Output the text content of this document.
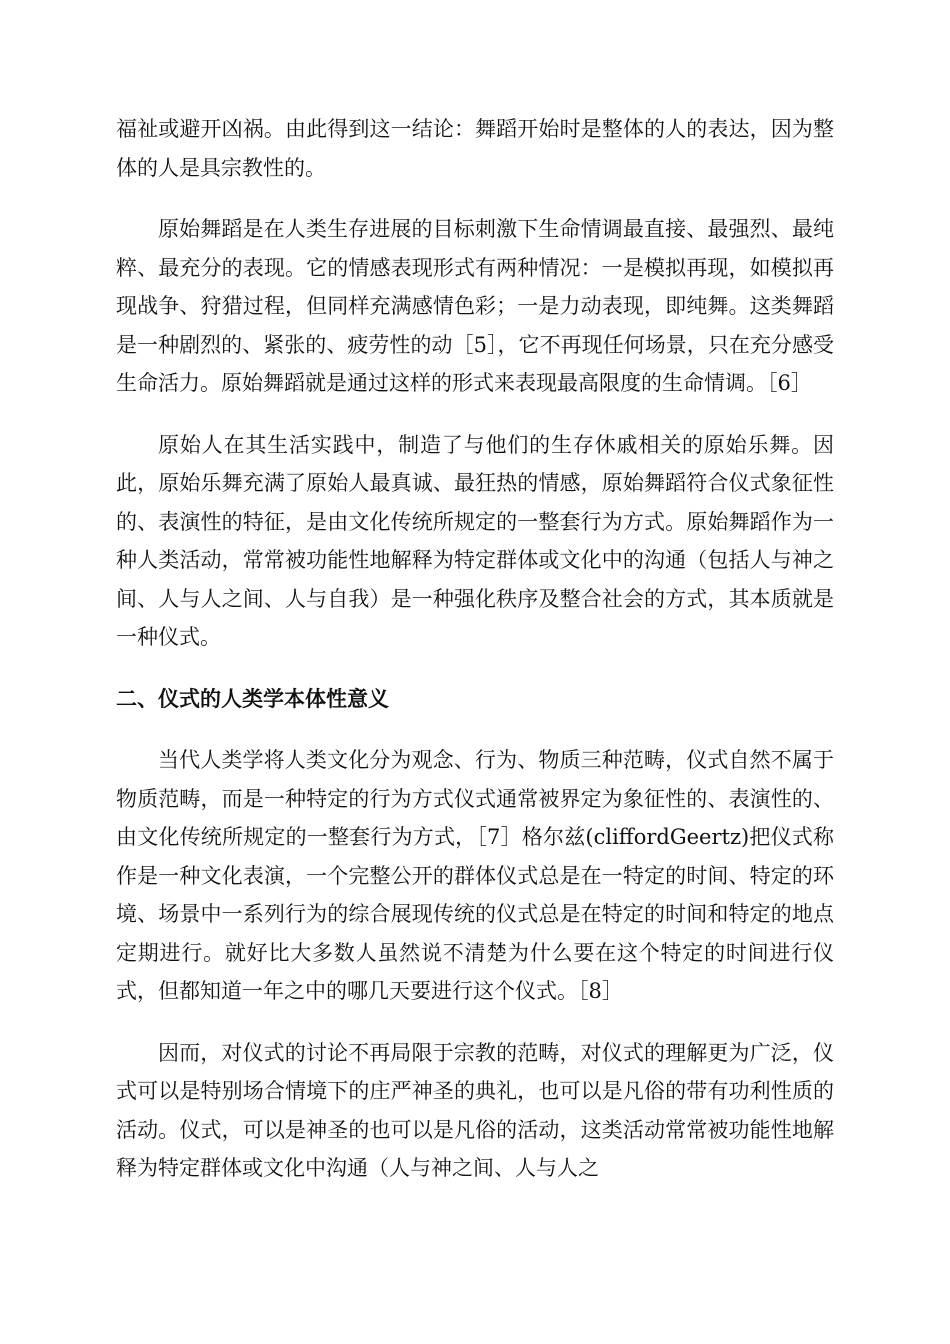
福祉或避开凶祸。由此得到这一结论：舞蹈开始时是整体的人的表达，因为整体的人是具宗教性的。

原始舞蹈是在人类生存进展的目标刺激下生命情调最直接、最强烈、最纯粹、最充分的表现。它的情感表现形式有两种情况：一是模拟再现，如模拟再现战争、狩猎过程，但同样充满感情色彩；一是力动表现，即纯舞。这类舞蹈是一种剧烈的、紧张的、疲劳性的动［5］，它不再现任何场景，只在充分感受生命活力。原始舞蹈就是通过这样的形式来表现最高限度的生命情调。［6］

原始人在其生活实践中，制造了与他们的生存休戚相关的原始乐舞。因此，原始乐舞充满了原始人最真诚、最狂热的情感，原始舞蹈符合仪式象征性的、表演性的特征，是由文化传统所规定的一整套行为方式。原始舞蹈作为一种人类活动，常常被功能性地解释为特定群体或文化中的沟通（包括人与神之间、人与人之间、人与自我）是一种强化秩序及整合社会的方式，其本质就是一种仪式。

二、仪式的人类学本体性意义

当代人类学将人类文化分为观念、行为、物质三种范畴，仪式自然不属于物质范畴，而是一种特定的行为方式仪式通常被界定为象征性的、表演性的、由文化传统所规定的一整套行为方式，［7］格尔兹(cliffordGeertz)把仪式称作是一种文化表演，一个完整公开的群体仪式总是在一特定的时间、特定的环境、场景中一系列行为的综合展现传统的仪式总是在特定的时间和特定的地点定期进行。就好比大多数人虽然说不清楚为什么要在这个特定的时间进行仪式，但都知道一年之中的哪几天要进行这个仪式。［8］

因而，对仪式的讨论不再局限于宗教的范畴，对仪式的理解更为广泛，仪式可以是特别场合情境下的庄严神圣的典礼，也可以是凡俗的带有功利性质的活动。仪式，可以是神圣的也可以是凡俗的活动，这类活动常常被功能性地解释为特定群体或文化中沟通（人与神之间、人与人之
